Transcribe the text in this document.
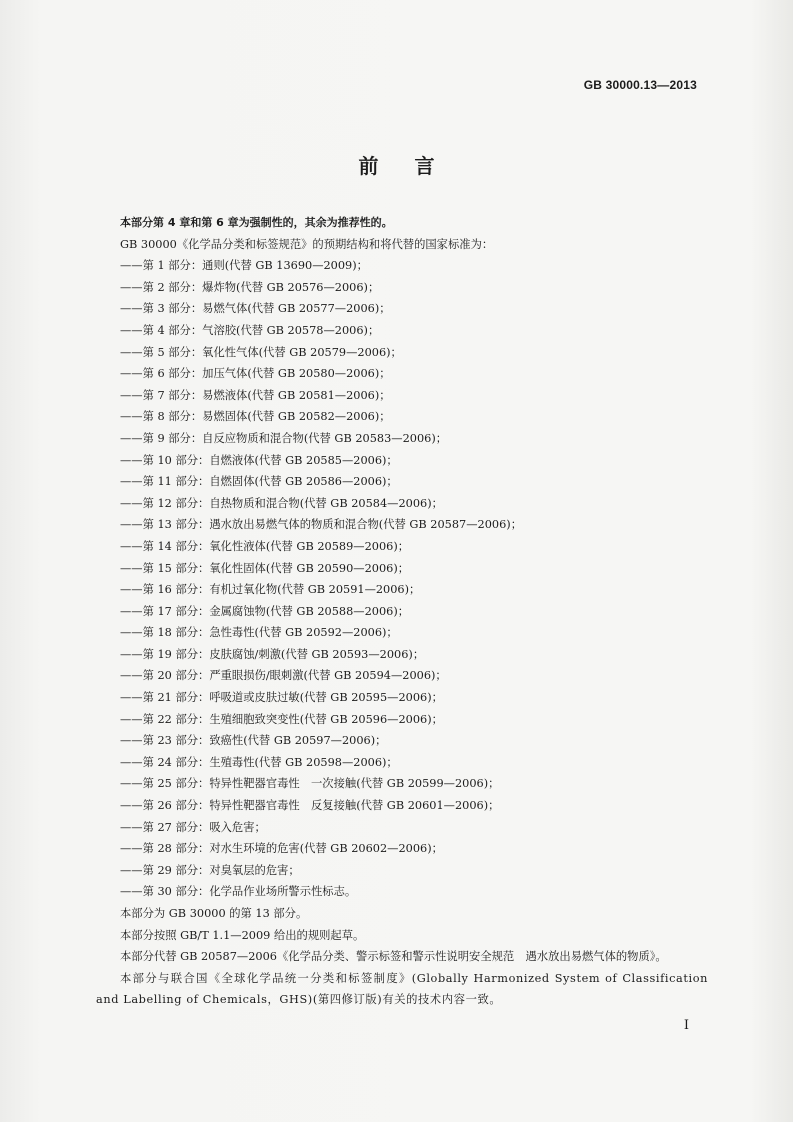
GB 30000.13—2013
前言

本部分第 4 章和第 6 章为强制性的，其余为推荐性的。

GB 30000《化学品分类和标签规范》的预期结构和将代替的国家标准为：

——第 1 部分：通则(代替 GB 13690—2009)；
——第 2 部分：爆炸物(代替 GB 20576—2006)；
——第 3 部分：易燃气体(代替 GB 20577—2006)；
——第 4 部分：气溶胶(代替 GB 20578—2006)；
——第 5 部分：氧化性气体(代替 GB 20579—2006)；
——第 6 部分：加压气体(代替 GB 20580—2006)；
——第 7 部分：易燃液体(代替 GB 20581—2006)；
——第 8 部分：易燃固体(代替 GB 20582—2006)；
——第 9 部分：自反应物质和混合物(代替 GB 20583—2006)；
——第 10 部分：自燃液体(代替 GB 20585—2006)；
——第 11 部分：自燃固体(代替 GB 20586—2006)；
——第 12 部分：自热物质和混合物(代替 GB 20584—2006)；
——第 13 部分：遇水放出易燃气体的物质和混合物(代替 GB 20587—2006)；
——第 14 部分：氧化性液体(代替 GB 20589—2006)；
——第 15 部分：氧化性固体(代替 GB 20590—2006)；
——第 16 部分：有机过氧化物(代替 GB 20591—2006)；
——第 17 部分：金属腐蚀物(代替 GB 20588—2006)；
——第 18 部分：急性毒性(代替 GB 20592—2006)；
——第 19 部分：皮肤腐蚀/刺激(代替 GB 20593—2006)；
——第 20 部分：严重眼损伤/眼刺激(代替 GB 20594—2006)；
——第 21 部分：呼吸道或皮肤过敏(代替 GB 20595—2006)；
——第 22 部分：生殖细胞致突变性(代替 GB 20596—2006)；
——第 23 部分：致癌性(代替 GB 20597—2006)；
——第 24 部分：生殖毒性(代替 GB 20598—2006)；
——第 25 部分：特异性靶器官毒性　一次接触(代替 GB 20599—2006)；
——第 26 部分：特异性靶器官毒性　反复接触(代替 GB 20601—2006)；
——第 27 部分：吸入危害；
——第 28 部分：对水生环境的危害(代替 GB 20602—2006)；
——第 29 部分：对臭氧层的危害；
——第 30 部分：化学品作业场所警示性标志。

本部分为 GB 30000 的第 13 部分。

本部分按照 GB/T 1.1—2009 给出的规则起草。

本部分代替 GB 20587—2006《化学品分类、警示标签和警示性说明安全规范　遇水放出易燃气体的物质》。

本部分与联合国《全球化学品统一分类和标签制度》(Globally Harmonized System of Classification and Labelling of Chemicals，GHS)(第四修订版)有关的技术内容一致。

I
